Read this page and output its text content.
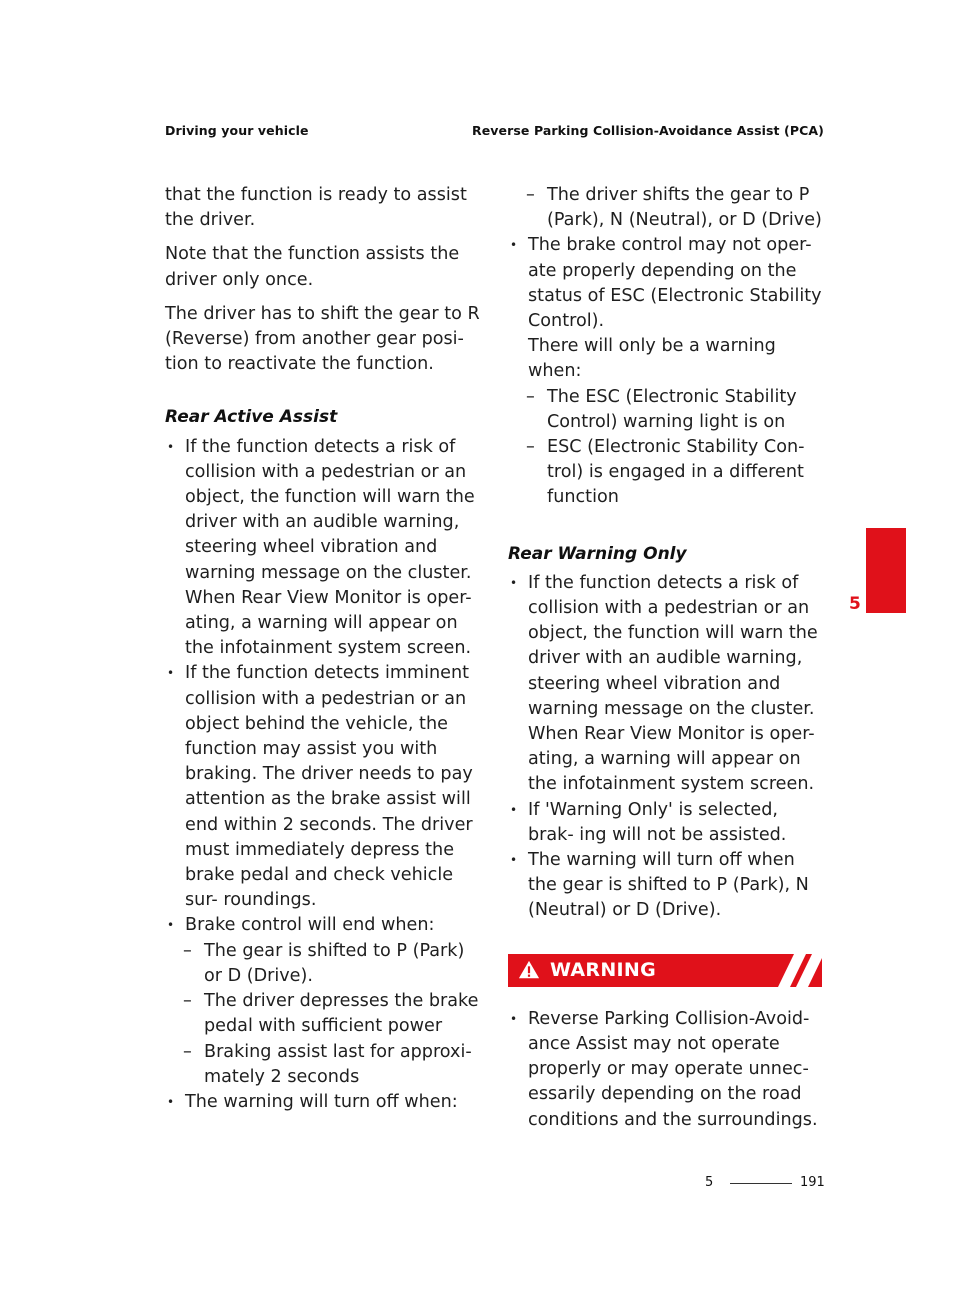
Driving your vehicle	Reverse Parking Collision-Avoidance Assist (PCA)

that the function is ready to assist the driver.

Note that the function assists the driver only once.

The driver has to shift the gear to R (Reverse) from another gear posi- tion to reactivate the function.

Rear Active Assist
• If the function detects a risk of collision with a pedestrian or an object, the function will warn the driver with an audible warning, steering wheel vibration and warning message on the cluster. When Rear View Monitor is oper- ating, a warning will appear on the infotainment system screen.
• If the function detects imminent collision with a pedestrian or an object behind the vehicle, the function may assist you with braking. The driver needs to pay attention as the brake assist will end within 2 seconds. The driver must immediately depress the brake pedal and check vehicle sur- roundings.
• Brake control will end when:
– The gear is shifted to P (Park) or D (Drive).
– The driver depresses the brake pedal with sufficient power
– Braking assist last for approxi- mately 2 seconds
• The warning will turn off when:
– The driver shifts the gear to P (Park), N (Neutral), or D (Drive)
• The brake control may not oper- ate properly depending on the status of ESC (Electronic Stability Control).
There will only be a warning when:
– The ESC (Electronic Stability Control) warning light is on
– ESC (Electronic Stability Con- trol) is engaged in a different function
Rear Warning Only
• If the function detects a risk of collision with a pedestrian or an object, the function will warn the driver with an audible warning, steering wheel vibration and warning message on the cluster. When Rear View Monitor is oper- ating, a warning will appear on the infotainment system screen.
• If 'Warning Only' is selected, brak- ing will not be assisted.
• The warning will turn off when the gear is shifted to P (Park), N (Neutral) or D (Drive).
WARNING
• Reverse Parking Collision-Avoid- ance Assist may not operate properly or may operate unnec- essarily depending on the road conditions and the surroundings.
5
5	191
